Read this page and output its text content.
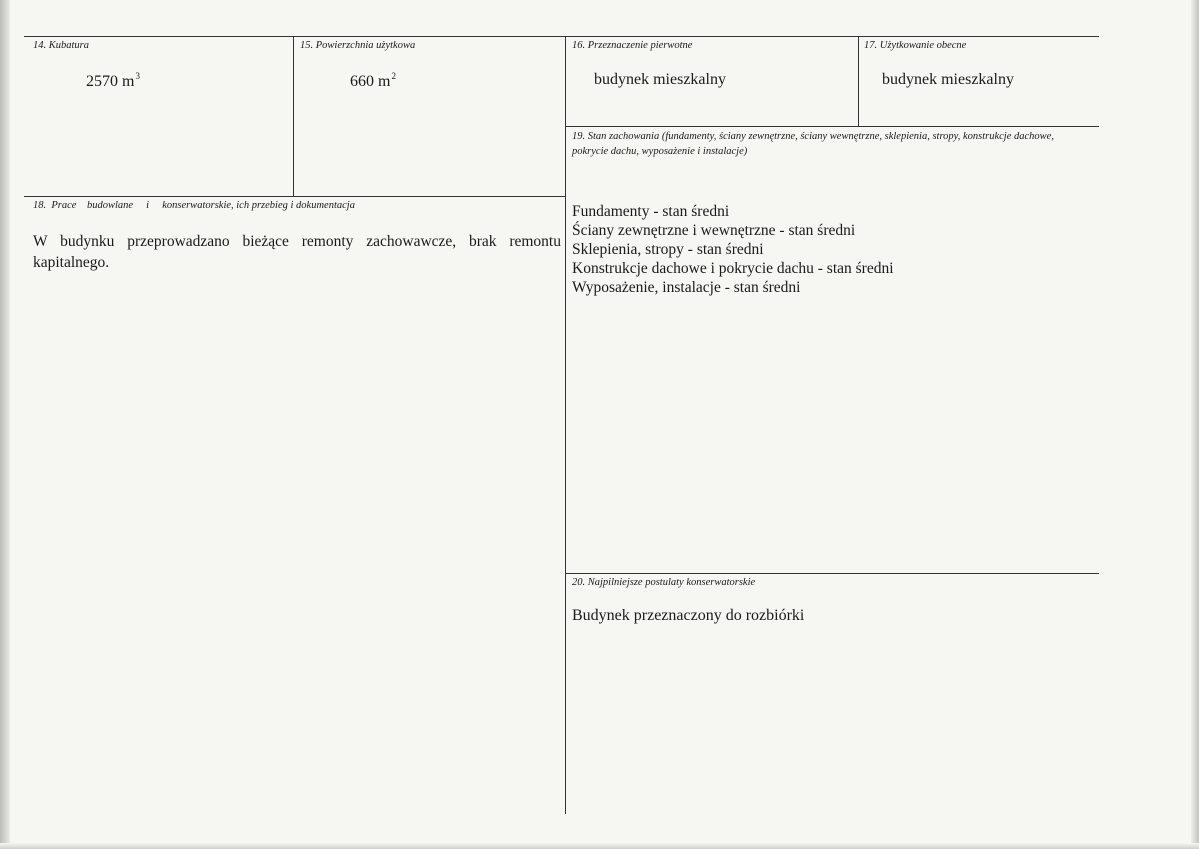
14. Kubatura
2570 $m^3$
15. Powierzchnia użytkowa
660 $m^2$
16. Przeznaczenie pierwotne
budynek mieszkalny
17. Użytkowanie obecne
budynek mieszkalny
19. Stan zachowania (fundamenty, ściany zewnętrzne, ściany wewnętrzne, sklepienia, stropy, konstrukcje dachowe, pokrycie dachu, wyposażenie i instalacje)
Fundamenty - stan średni
Ściany zewnętrzne i wewnętrzne - stan średni
Sklepienia, stropy - stan średni
Konstrukcje dachowe i pokrycie dachu - stan średni
Wyposażenie, instalacje - stan średni
18.  Prace    budowlane     i     konserwatorskie, ich przebieg i dokumentacja
W budynku przeprowadzano bieżące remonty zachowawcze, brak remontu kapitalnego.
20. Najpilniejsze postulaty konserwatorskie
Budynek przeznaczony do rozbiórki
